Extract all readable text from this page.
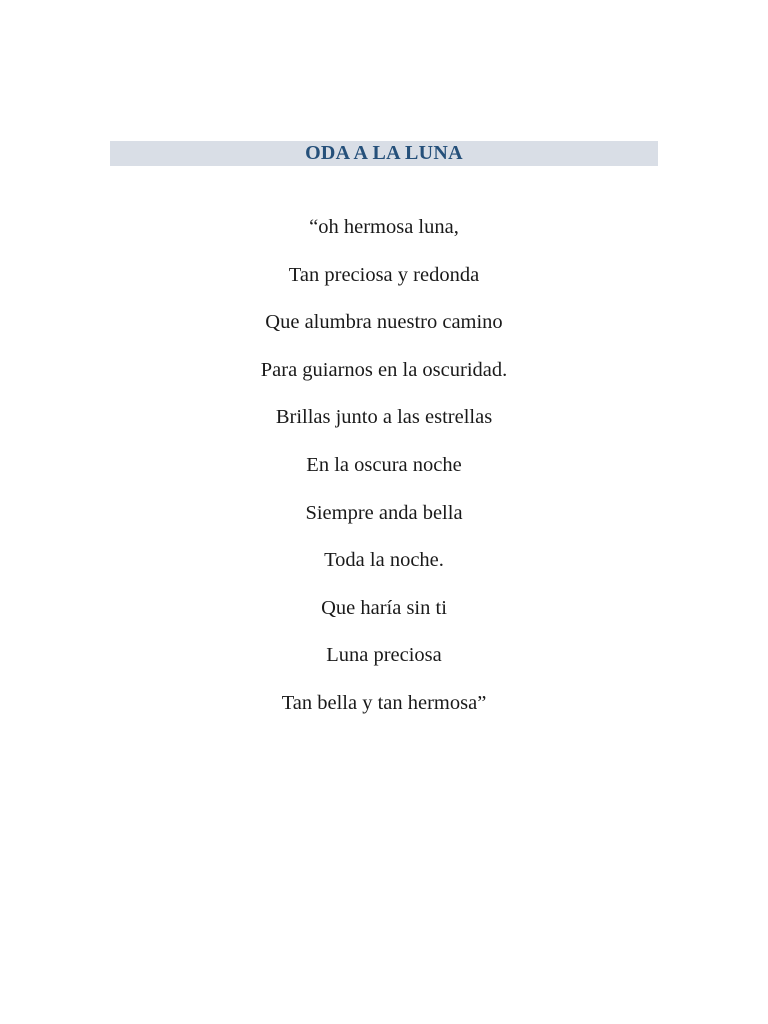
ODA A LA LUNA
“oh hermosa luna,
Tan preciosa y redonda
Que alumbra nuestro camino
Para guiarnos en la oscuridad.
Brillas junto a las estrellas
En la oscura noche
Siempre anda bella
Toda la noche.
Que haría sin ti
Luna preciosa
Tan bella y tan hermosa”
